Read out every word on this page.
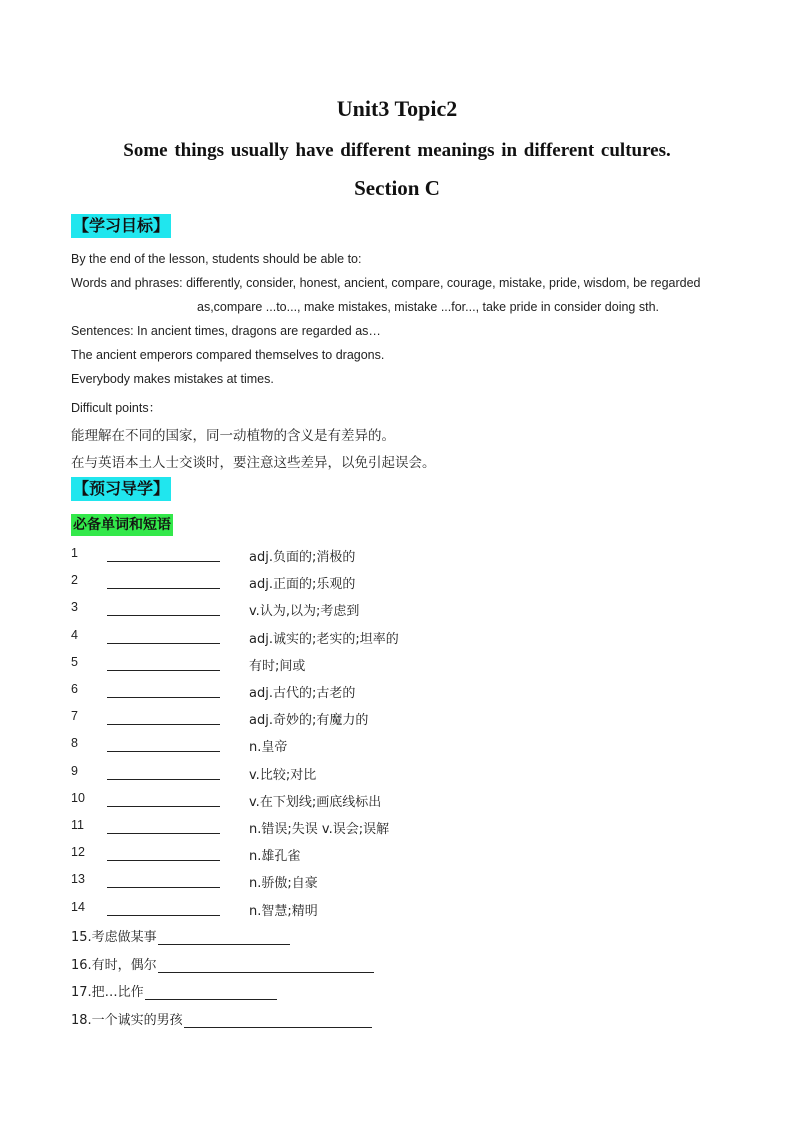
Unit3 Topic2
Some things usually have different meanings in different cultures.
Section C
【学习目标】
By the end of the lesson, students should be able to:
Words and phrases: differently, consider, honest, ancient, compare, courage, mistake, pride, wisdom, be regarded
as,compare ...to..., make mistakes, mistake ...for..., take pride in consider doing sth.
Sentences: In ancient times, dragons are regarded as…
The ancient emperors compared themselves to dragons.
Everybody makes mistakes at times.
Difficult points：
能理解在不同的国家，同一动植物的含义是有差异的。
在与英语本土人士交谈时，要注意这些差异，以免引起误会。
【预习导学】
必备单词和短语
1	adj.负面的;消极的
2	adj.正面的;乐观的
3	v.认为,以为;考虑到
4	adj.诚实的;老实的;坦率的
5	有时;间或
6	adj.古代的;古老的
7	adj.奇妙的;有魔力的
8	n.皇帝
9	v.比较;对比
10	v.在下划线;画底线标出
11	n.错误;失误 v.误会;误解
12	n.雄孔雀
13	n.骄傲;自豪
14	n.智慧;精明
15.考虑做某事
16.有时，偶尔
17.把…比作
18.一个诚实的男孩
